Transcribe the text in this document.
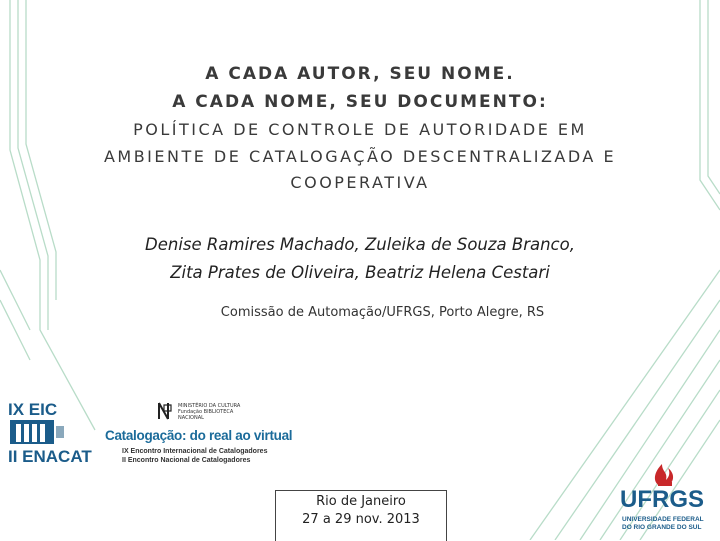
A CADA AUTOR, SEU NOME.
A CADA NOME, SEU DOCUMENTO:
POLÍTICA DE CONTROLE DE AUTORIDADE EM
AMBIENTE DE CATALOGAÇÃO DESCENTRALIZADA E
COOPERATIVA
Denise Ramires Machado, Zuleika de Souza Branco,
Zita Prates de Oliveira, Beatriz Helena Cestari
Comissão de Automação/UFRGS, Porto Alegre, RS
IX EIC
II ENACAT
MINISTÉRIO DA CULTURA
Fundação BIBLIOTECA NACIONAL
Catalogação: do real ao virtual
IX Encontro Internacional de Catalogadores
II Encontro Nacional de Catalogadores
Rio de Janeiro
27 a 29 nov. 2013
UFRGS
UNIVERSIDADE FEDERAL
DO RIO GRANDE DO SUL
